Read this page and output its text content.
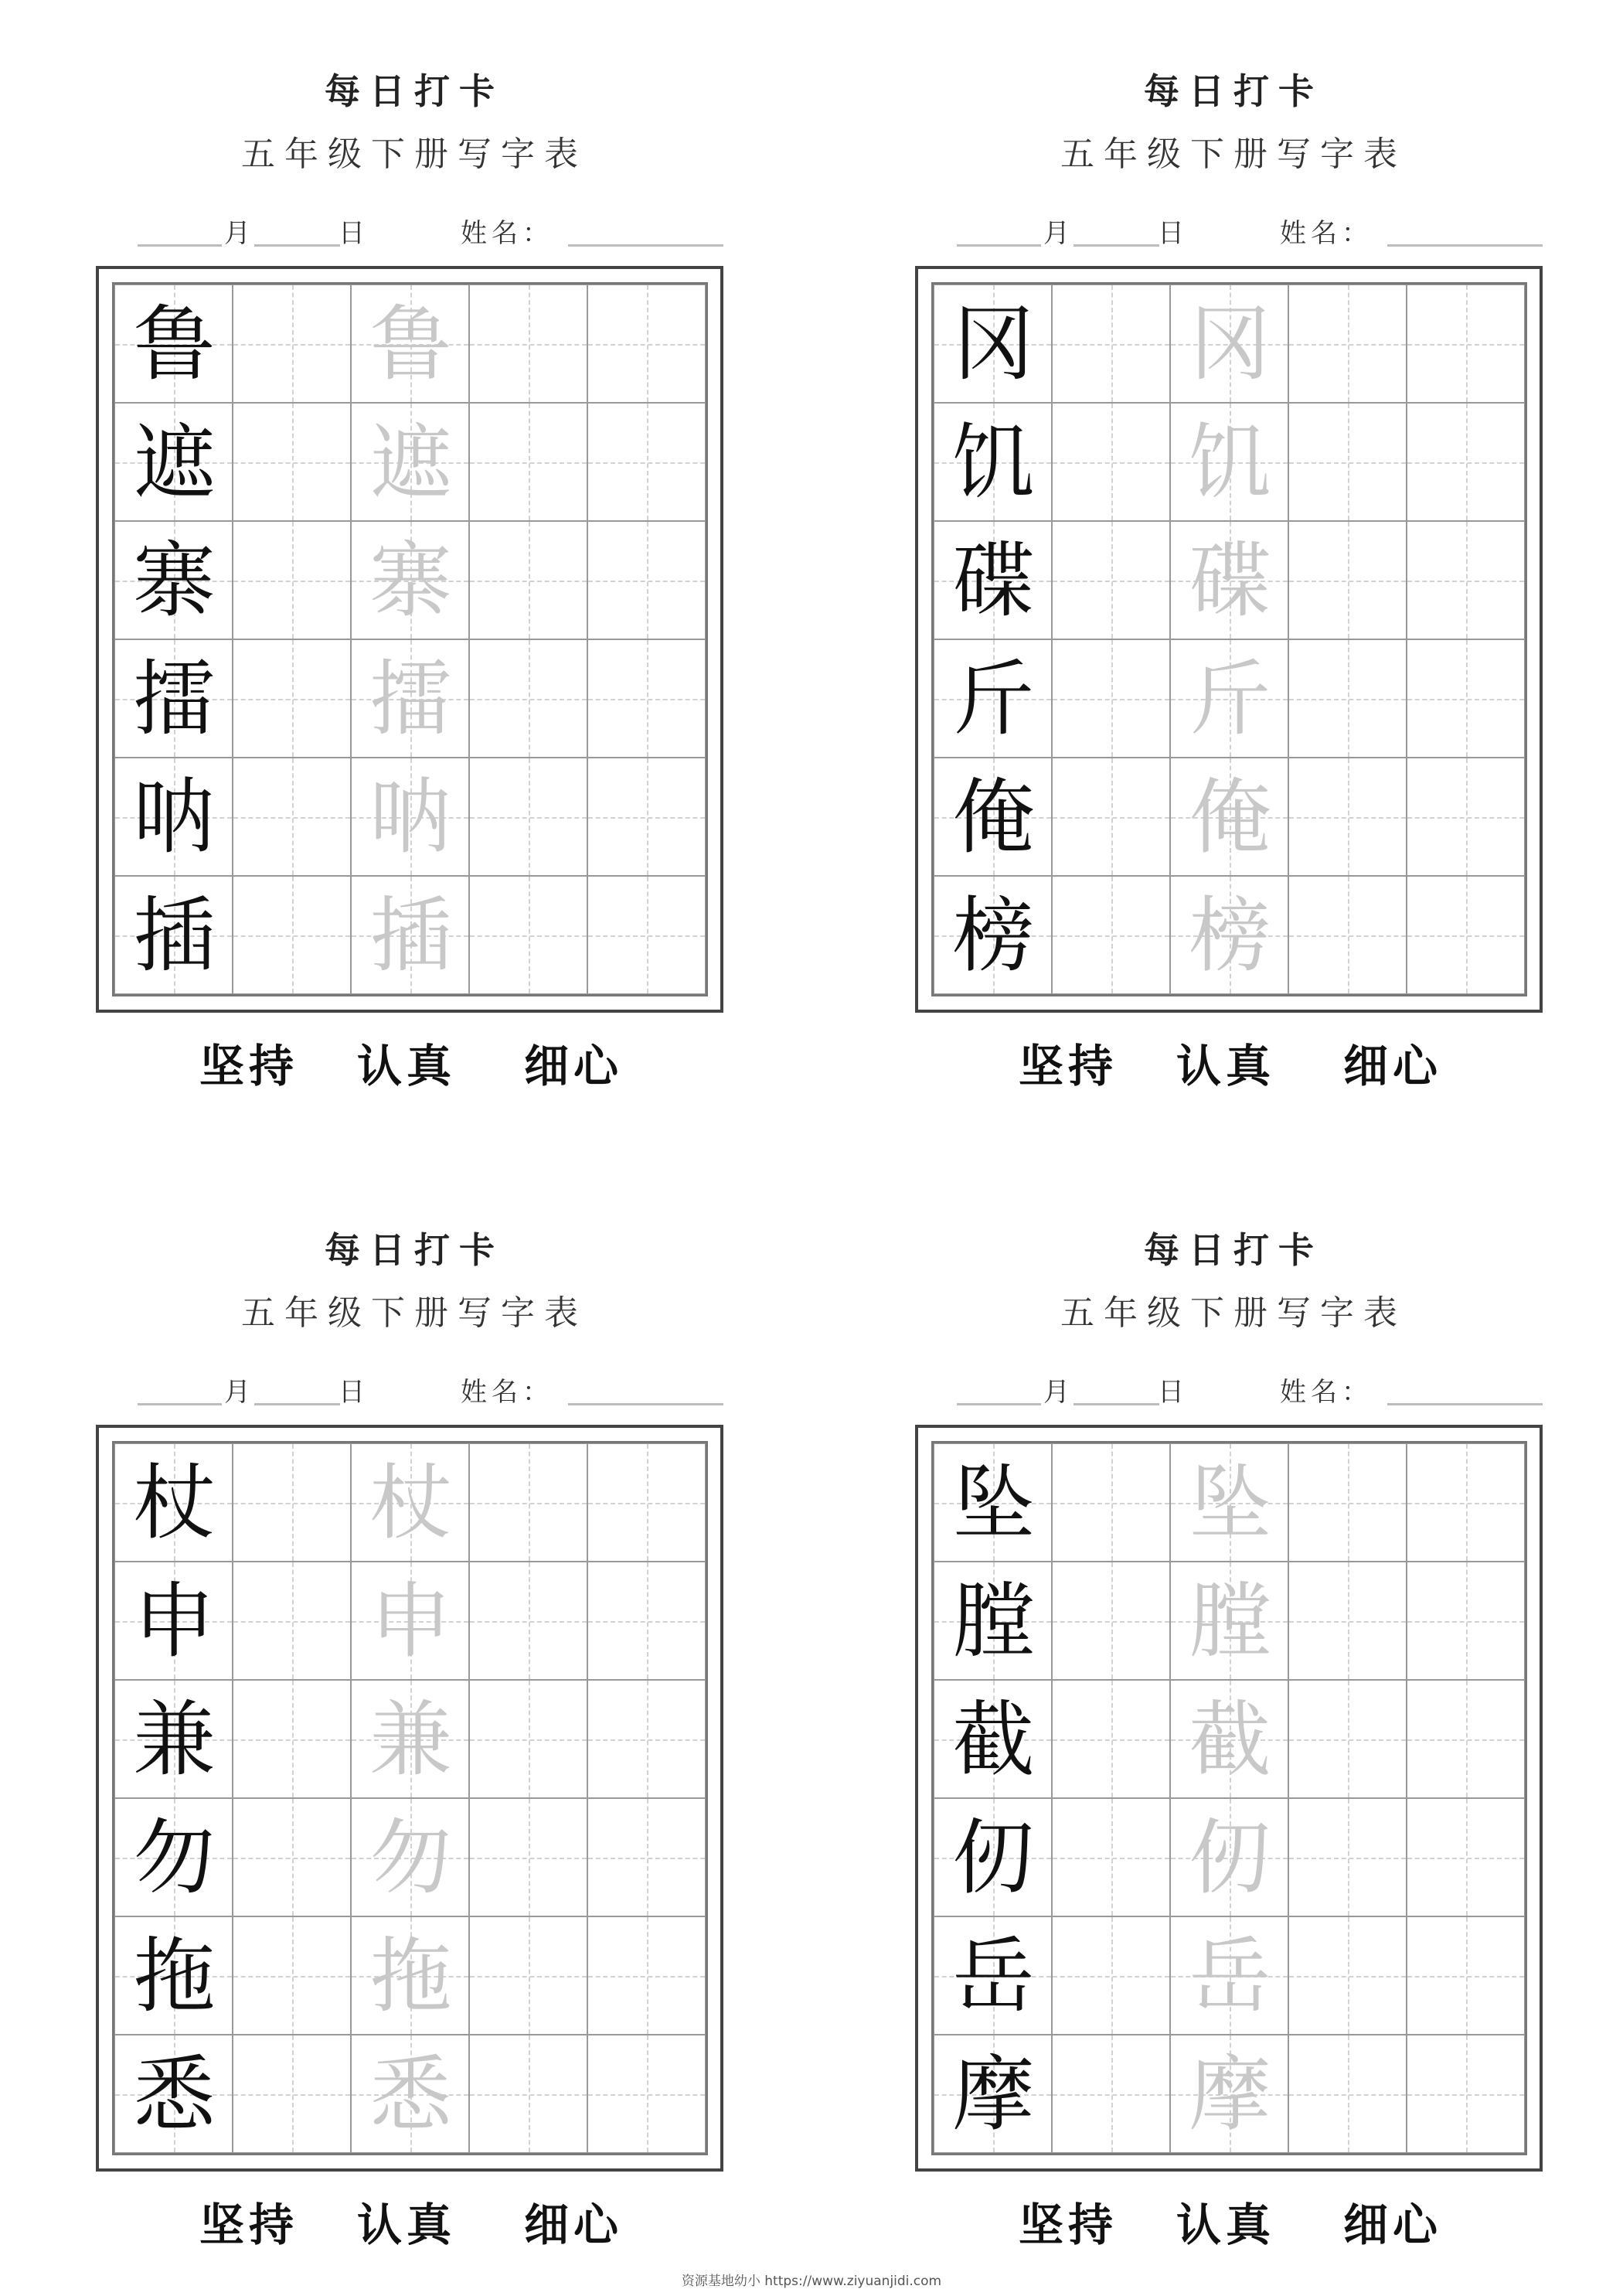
资源基地幼小 https://www.ziyuanjidi.com
每日打卡
五年级下册写字表
月	日	姓名：
鲁 鲁
遮 遮
寨 寨
擂 擂
呐 呐
插 插
坚持 认真 细心
每日打卡
五年级下册写字表
月	日	姓名：
冈 冈
饥 饥
碟 碟
斤 斤
俺 俺
榜 榜
坚持 认真 细心
每日打卡
五年级下册写字表
月	日	姓名：
杖 杖
申 申
兼 兼
勿 勿
拖 拖
悉 悉
坚持 认真 细心
每日打卡
五年级下册写字表
月	日	姓名：
坠 坠
膛 膛
截 截
仞 仞
岳 岳
摩 摩
坚持 认真 细心
